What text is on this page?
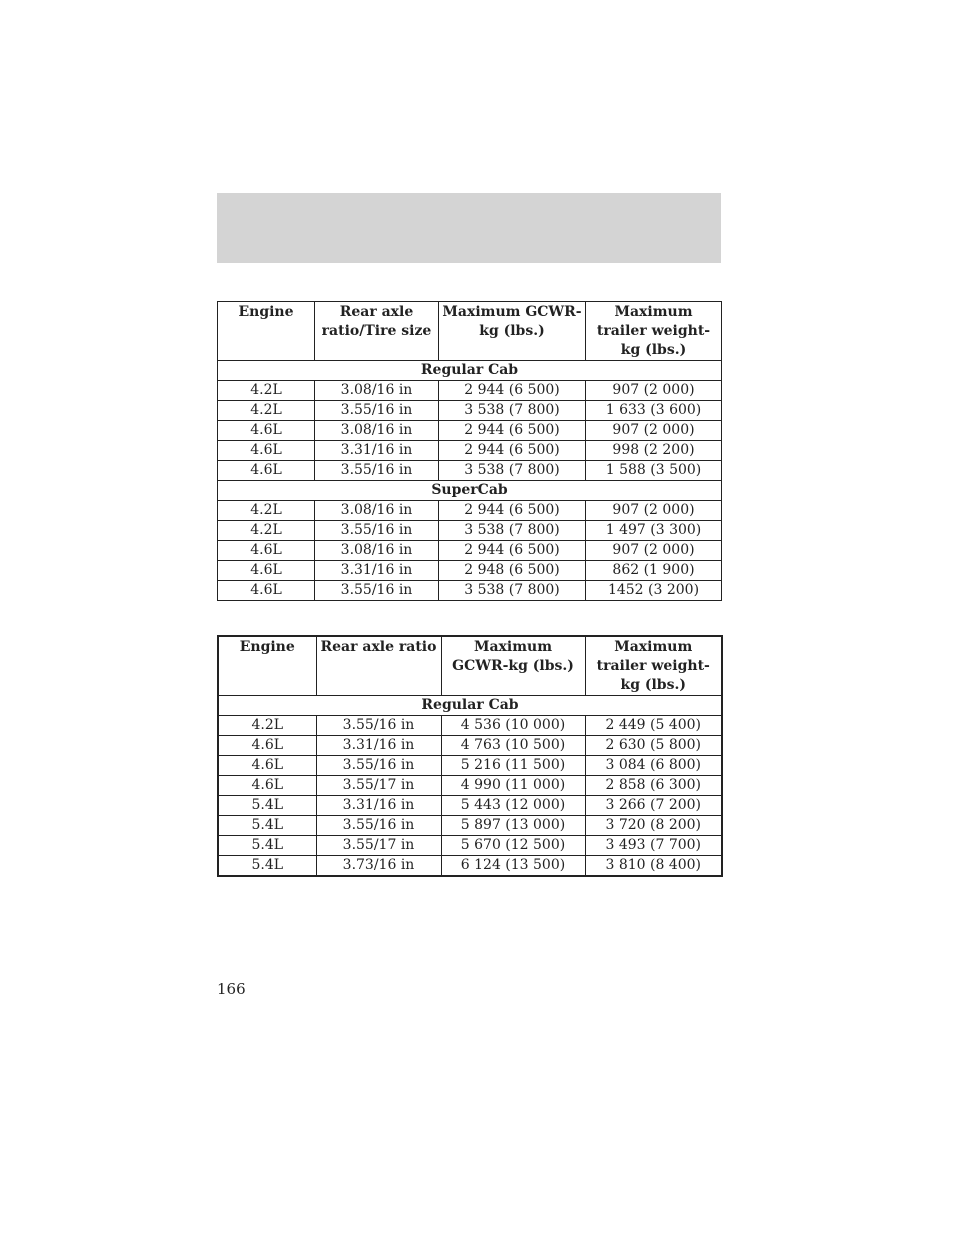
Engine	Rear axle ratio/Tire size	Maximum GCWR-kg (lbs.)	Maximum trailer weight-kg (lbs.)
Regular Cab			
4.2L	3.08/16 in	2 944 (6 500)	907 (2 000)
4.2L	3.55/16 in	3 538 (7 800)	1 633 (3 600)
4.6L	3.08/16 in	2 944 (6 500)	907 (2 000)
4.6L	3.31/16 in	2 944 (6 500)	998 (2 200)
4.6L	3.55/16 in	3 538 (7 800)	1 588 (3 500)
SuperCab			
4.2L	3.08/16 in	2 944 (6 500)	907 (2 000)
4.2L	3.55/16 in	3 538 (7 800)	1 497 (3 300)
4.6L	3.08/16 in	2 944 (6 500)	907 (2 000)
4.6L	3.31/16 in	2 948 (6 500)	862 (1 900)
4.6L	3.55/16 in	3 538 (7 800)	1452 (3 200)
Engine	Rear axle ratio	Maximum GCWR-kg (lbs.)	Maximum trailer weight-kg (lbs.)
Regular Cab			
4.2L	3.55/16 in	4 536 (10 000)	2 449 (5 400)
4.6L	3.31/16 in	4 763 (10 500)	2 630 (5 800)
4.6L	3.55/16 in	5 216 (11 500)	3 084 (6 800)
4.6L	3.55/17 in	4 990 (11 000)	2 858 (6 300)
5.4L	3.31/16 in	5 443 (12 000)	3 266 (7 200)
5.4L	3.55/16 in	5 897 (13 000)	3 720 (8 200)
5.4L	3.55/17 in	5 670 (12 500)	3 493 (7 700)
5.4L	3.73/16 in	6 124 (13 500)	3 810 (8 400)
166
